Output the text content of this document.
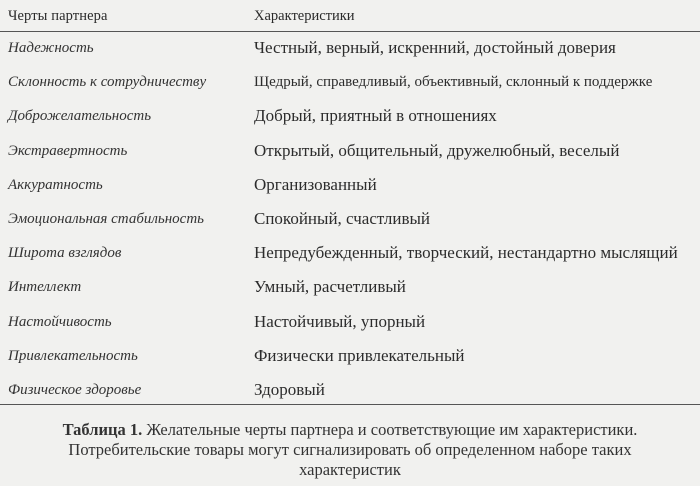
Черты партнера	Характеристики
Надежность	Честный, верный, искренний, достойный доверия
Склонность к сотрудничеству	Щедрый, справедливый, объективный, склонный к поддержке
Доброжелательность	Добрый, приятный в отношениях
Экстравертность	Открытый, общительный, дружелюбный, веселый
Аккуратность	Организованный
Эмоциональная стабильность	Спокойный, счастливый
Широта взглядов	Непредубежденный, творческий, нестандартно мыслящий
Интеллект	Умный, расчетливый
Настойчивость	Настойчивый, упорный
Привлекательность	Физически привлекательный
Физическое здоровье	Здоровый
Таблица 1. Желательные черты партнера и соответствующие им характеристики.
Потребительские товары могут сигнализировать об определенном наборе таких
характеристик
